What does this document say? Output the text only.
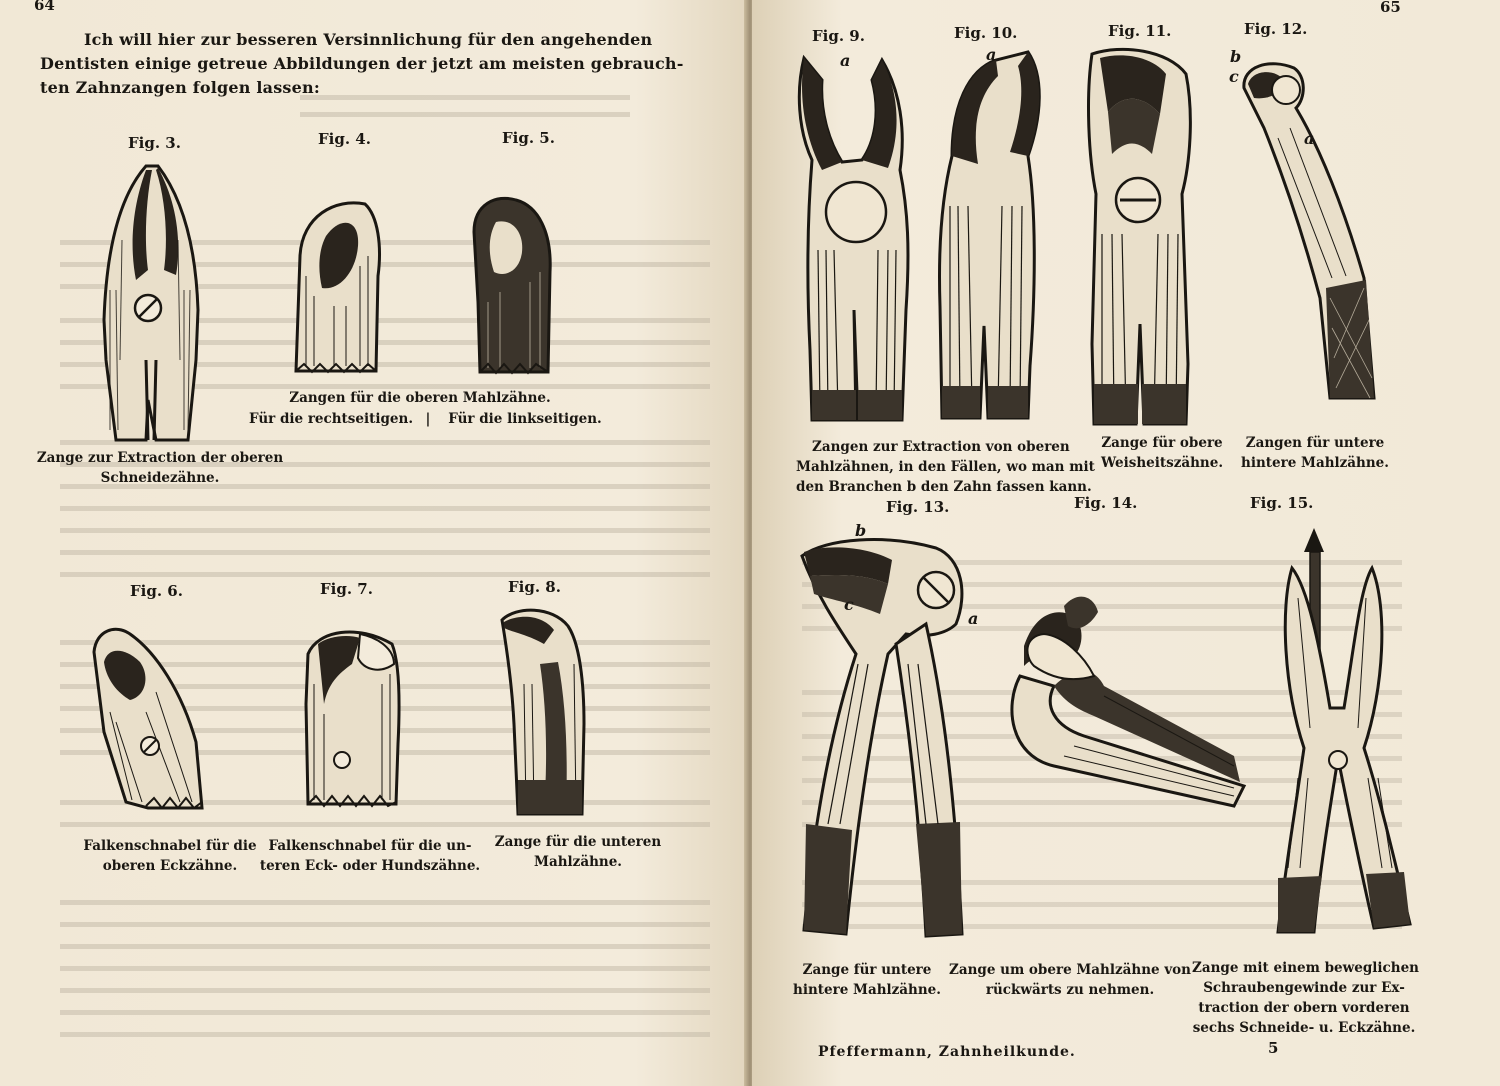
64
Ich will hier zur besseren Versinnlichung für den angehenden
Dentisten einige getreue Abbildungen der jetzt am meisten gebrauch-
ten Zahnzangen folgen lassen:
Fig. 3.	Fig. 4.	Fig. 5.
Zangen für die oberen Mahlzähne.
Für die rechtseitigen. |	Für die linkseitigen.
Zange zur Extraction der oberen
Schneidezähne.
Fig. 6.	Fig. 7.	Fig. 8.
Falkenschnabel für die
oberen Eckzähne.
Falkenschnabel für die un-
teren Eck- oder Hundszähne.
Zange für die unteren
Mahlzähne.
65
Fig. 9.	Fig. 10.	Fig. 11.	Fig. 12.
a	a	b
c
a
Zangen zur Extraction von oberen
Mahlzähnen, in den Fällen, wo man mit
den Branchen b den Zahn fassen kann.
Zange für obere
Weisheitszähne.
Zangen für untere
hintere Mahlzähne.
Fig. 13.	Fig. 14.	Fig. 15.
b
c
a
Zange für untere
hintere Mahlzähne.
Zange um obere Mahlzähne von
rückwärts zu nehmen.
Zange mit einem beweglichen
Schraubengewinde zur Ex-
traction der obern vorderen
sechs Schneide- u. Eckzähne.
Pfeffermann, Zahnheilkunde.	5
